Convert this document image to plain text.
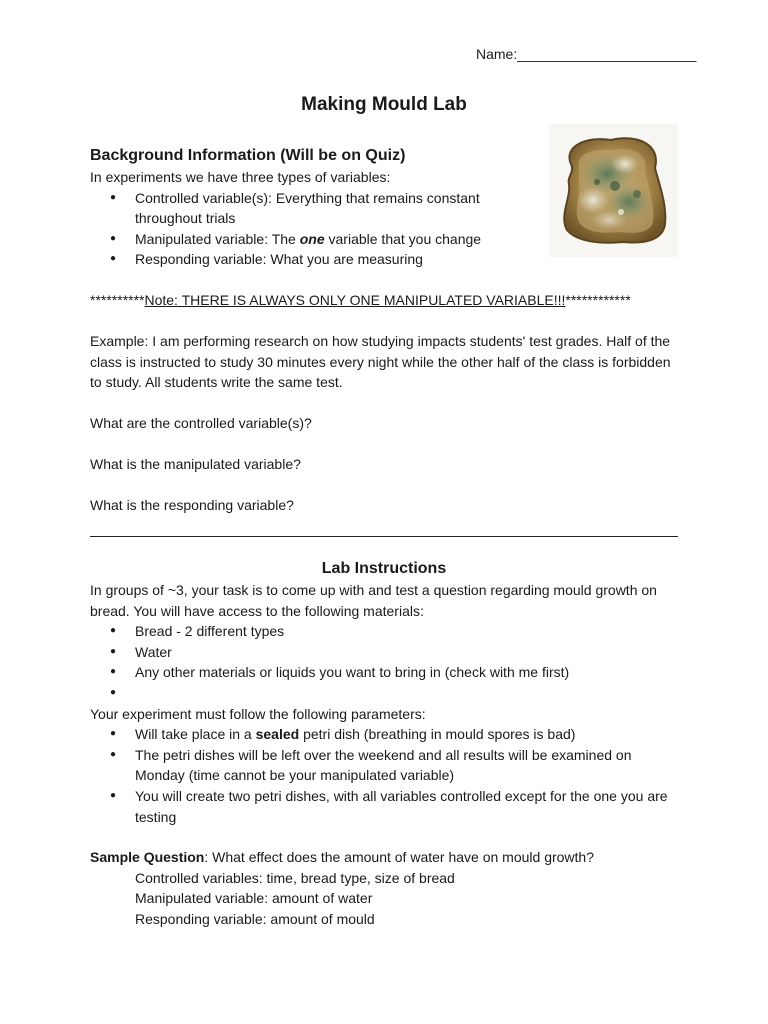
Name:_______________________
Making Mould Lab
Background Information (Will be on Quiz)
In experiments we have three types of variables:
● Controlled variable(s): Everything that remains constant
throughout trials
● Manipulated variable: The one variable that you change
● Responding variable: What you are measuring
**********Note: THERE IS ALWAYS ONLY ONE MANIPULATED VARIABLE!!!************
Example: I am performing research on how studying impacts students' test grades. Half of the class is instructed to study 30 minutes every night while the other half of the class is forbidden to study. All students write the same test.
What are the controlled variable(s)?
What is the manipulated variable?
What is the responding variable?
Lab Instructions
In groups of ~3, your task is to come up with and test a question regarding mould growth on bread. You will have access to the following materials:
● Bread - 2 different types
● Water
● Any other materials or liquids you want to bring in (check with me first)
●
Your experiment must follow the following parameters:
● Will take place in a sealed petri dish (breathing in mould spores is bad)
● The petri dishes will be left over the weekend and all results will be examined on Monday (time cannot be your manipulated variable)
● You will create two petri dishes, with all variables controlled except for the one you are testing
Sample Question: What effect does the amount of water have on mould growth?
Controlled variables: time, bread type, size of bread
Manipulated variable: amount of water
Responding variable: amount of mould
